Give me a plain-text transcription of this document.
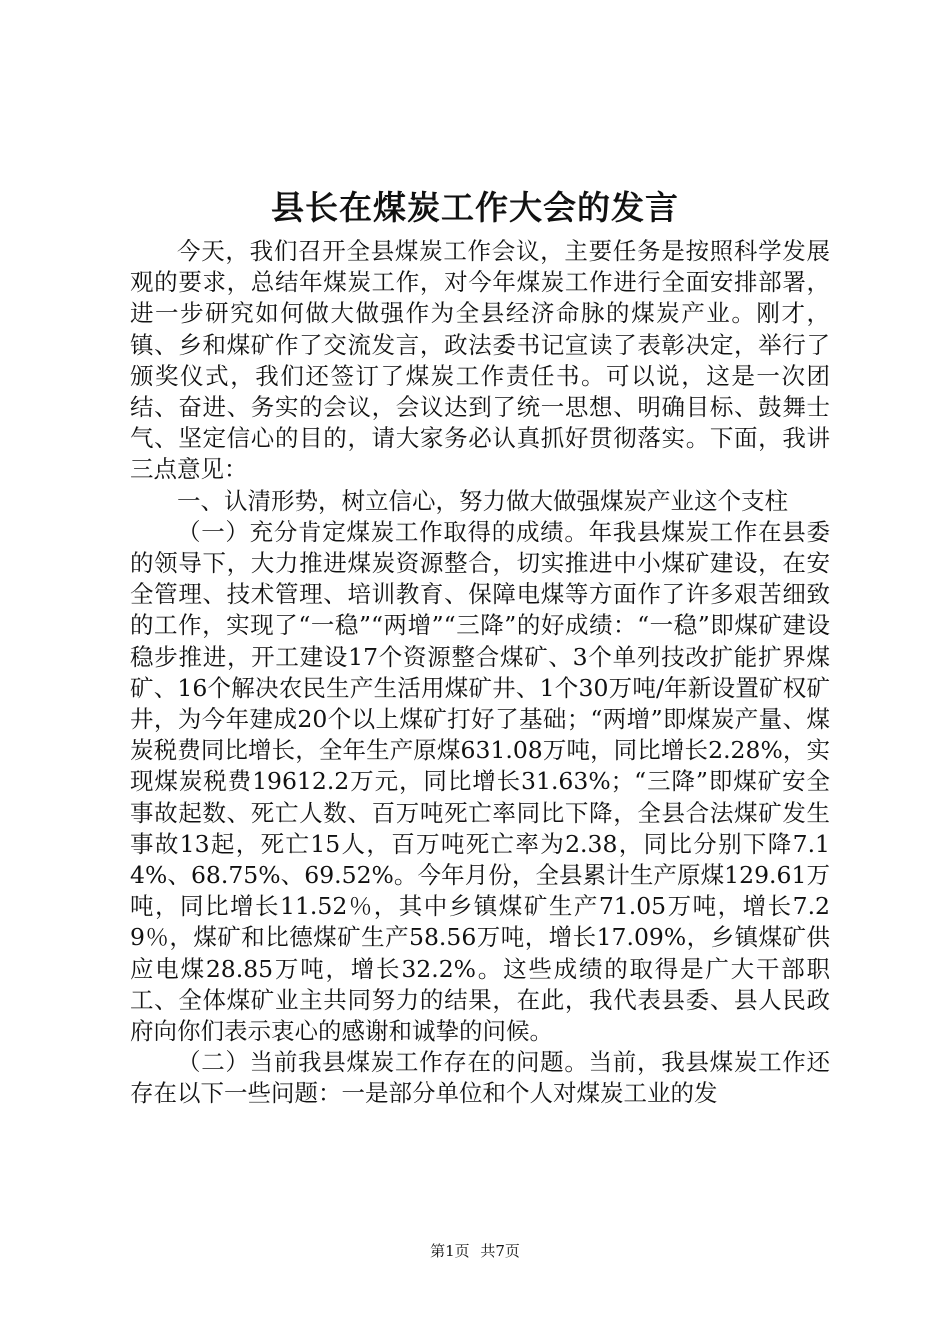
县长在煤炭工作大会的发言

今天，我们召开全县煤炭工作会议，主要任务是按照科学发展观的要求，总结年煤炭工作，对今年煤炭工作进行全面安排部署，进一步研究如何做大做强作为全县经济命脉的煤炭产业。刚才，镇、乡和煤矿作了交流发言，政法委书记宣读了表彰决定，举行了颁奖仪式，我们还签订了煤炭工作责任书。可以说，这是一次团结、奋进、务实的会议，会议达到了统一思想、明确目标、鼓舞士气、坚定信心的目的，请大家务必认真抓好贯彻落实。下面，我讲三点意见：

一、认清形势，树立信心，努力做大做强煤炭产业这个支柱

（一）充分肯定煤炭工作取得的成绩。年我县煤炭工作在县委的领导下，大力推进煤炭资源整合，切实推进中小煤矿建设，在安全管理、技术管理、培训教育、保障电煤等方面作了许多艰苦细致的工作，实现了“一稳”“两增”“三降”的好成绩：“一稳”即煤矿建设稳步推进，开工建设17个资源整合煤矿、3个单列技改扩能扩界煤矿、16个解决农民生产生活用煤矿井、1个30万吨/年新设置矿权矿井，为今年建成20个以上煤矿打好了基础；“两增”即煤炭产量、煤炭税费同比增长，全年生产原煤631.08万吨，同比增长2.28%，实现煤炭税费19612.2万元，同比增长31.63%；“三降”即煤矿安全事故起数、死亡人数、百万吨死亡率同比下降，全县合法煤矿发生事故13起，死亡15人，百万吨死亡率为2.38，同比分别下降7.14%、68.75%、69.52%。今年月份，全县累计生产原煤129.61万吨，同比增长11.52％，其中乡镇煤矿生产71.05万吨，增长7.29％，煤矿和比德煤矿生产58.56万吨，增长17.09%，乡镇煤矿供应电煤28.85万吨，增长32.2%。这些成绩的取得是广大干部职工、全体煤矿业主共同努力的结果，在此，我代表县委、县人民政府向你们表示衷心的感谢和诚挚的问候。

（二）当前我县煤炭工作存在的问题。当前，我县煤炭工作还存在以下一些问题：一是部分单位和个人对煤炭工业的发

第1页 共7页
